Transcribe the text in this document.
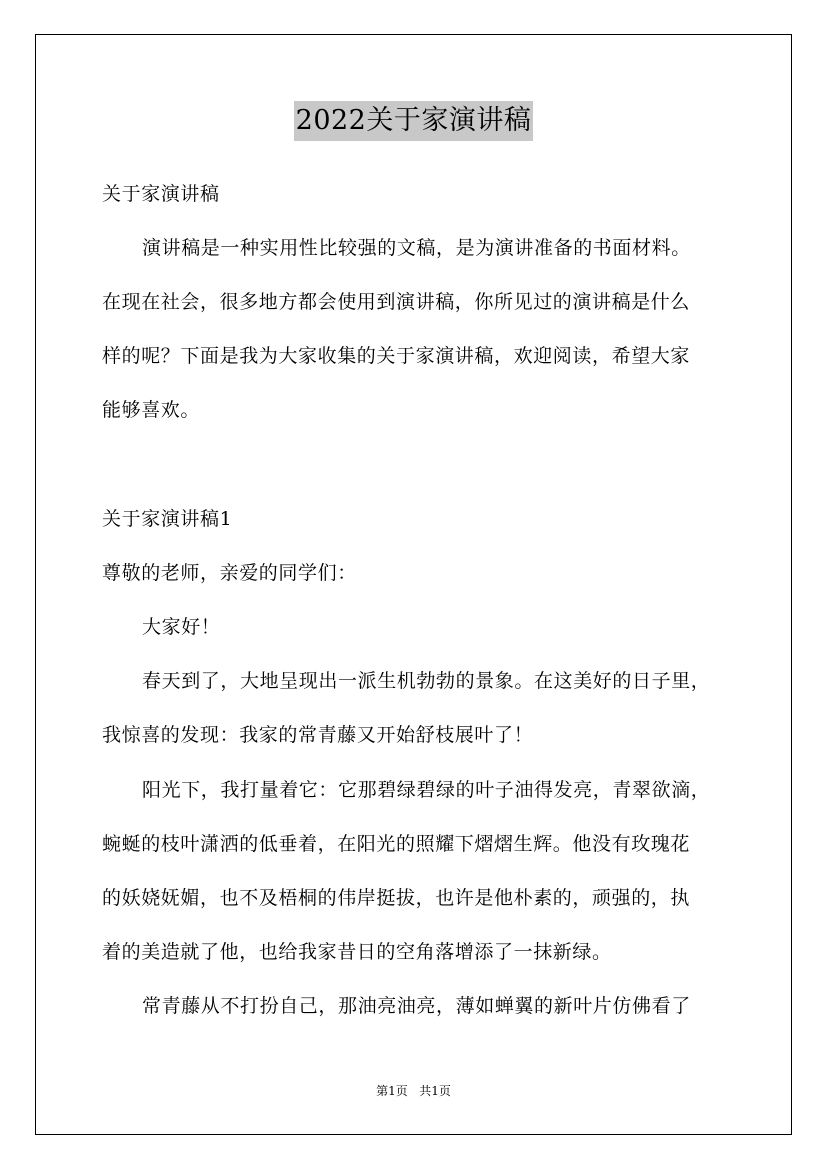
2022关于家演讲稿
关于家演讲稿
演讲稿是一种实用性比较强的文稿，是为演讲准备的书面材料。
在现在社会，很多地方都会使用到演讲稿，你所见过的演讲稿是什么
样的呢？下面是我为大家收集的关于家演讲稿，欢迎阅读，希望大家
能够喜欢。
关于家演讲稿1
尊敬的老师，亲爱的同学们：
大家好！
春天到了，大地呈现出一派生机勃勃的景象。在这美好的日子里，
我惊喜的发现：我家的常青藤又开始舒枝展叶了！
阳光下，我打量着它：它那碧绿碧绿的叶子油得发亮，青翠欲滴，
蜿蜒的枝叶潇洒的低垂着，在阳光的照耀下熠熠生辉。他没有玫瑰花
的妖娆妩媚，也不及梧桐的伟岸挺拔，也许是他朴素的，顽强的，执
着的美造就了他，也给我家昔日的空角落增添了一抹新绿。
常青藤从不打扮自己，那油亮油亮，薄如蝉翼的新叶片仿佛看了
第1页 共1页
